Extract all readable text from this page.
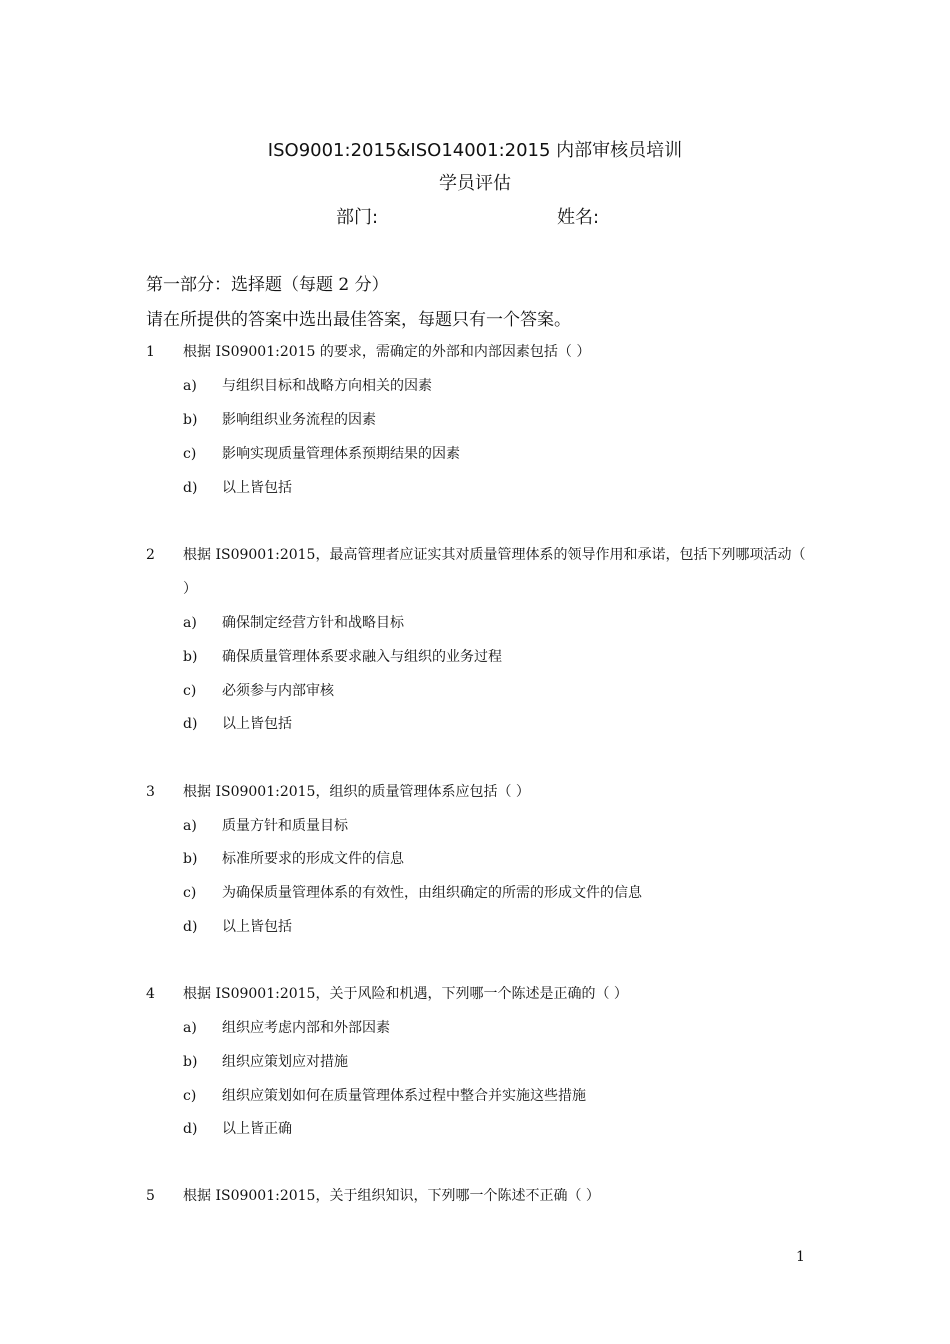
ISO9001:2015&ISO14001:2015 内部审核员培训
学员评估
部门:	姓名:
第一部分：选择题（每题 2 分）
请在所提供的答案中选出最佳答案，每题只有一个答案。
1 根据 IS09001:2015 的要求，需确定的外部和内部因素包括（ ）
a) 与组织目标和战略方向相关的因素
b) 影响组织业务流程的因素
c) 影响实现质量管理体系预期结果的因素
d) 以上皆包括
2 根据 IS09001:2015，最高管理者应证实其对质量管理体系的领导作用和承诺，包括下列哪项活动（ ）
a) 确保制定经营方针和战略目标
b) 确保质量管理体系要求融入与组织的业务过程
c) 必须参与内部审核
d) 以上皆包括
3 根据 IS09001:2015，组织的质量管理体系应包括（ ）
a) 质量方针和质量目标
b) 标准所要求的形成文件的信息
c) 为确保质量管理体系的有效性，由组织确定的所需的形成文件的信息
d) 以上皆包括
4 根据 IS09001:2015，关于风险和机遇，下列哪一个陈述是正确的（ ）
a) 组织应考虑内部和外部因素
b) 组织应策划应对措施
c) 组织应策划如何在质量管理体系过程中整合并实施这些措施
d) 以上皆正确
5 根据 IS09001:2015，关于组织知识，下列哪一个陈述不正确（ ）
1
